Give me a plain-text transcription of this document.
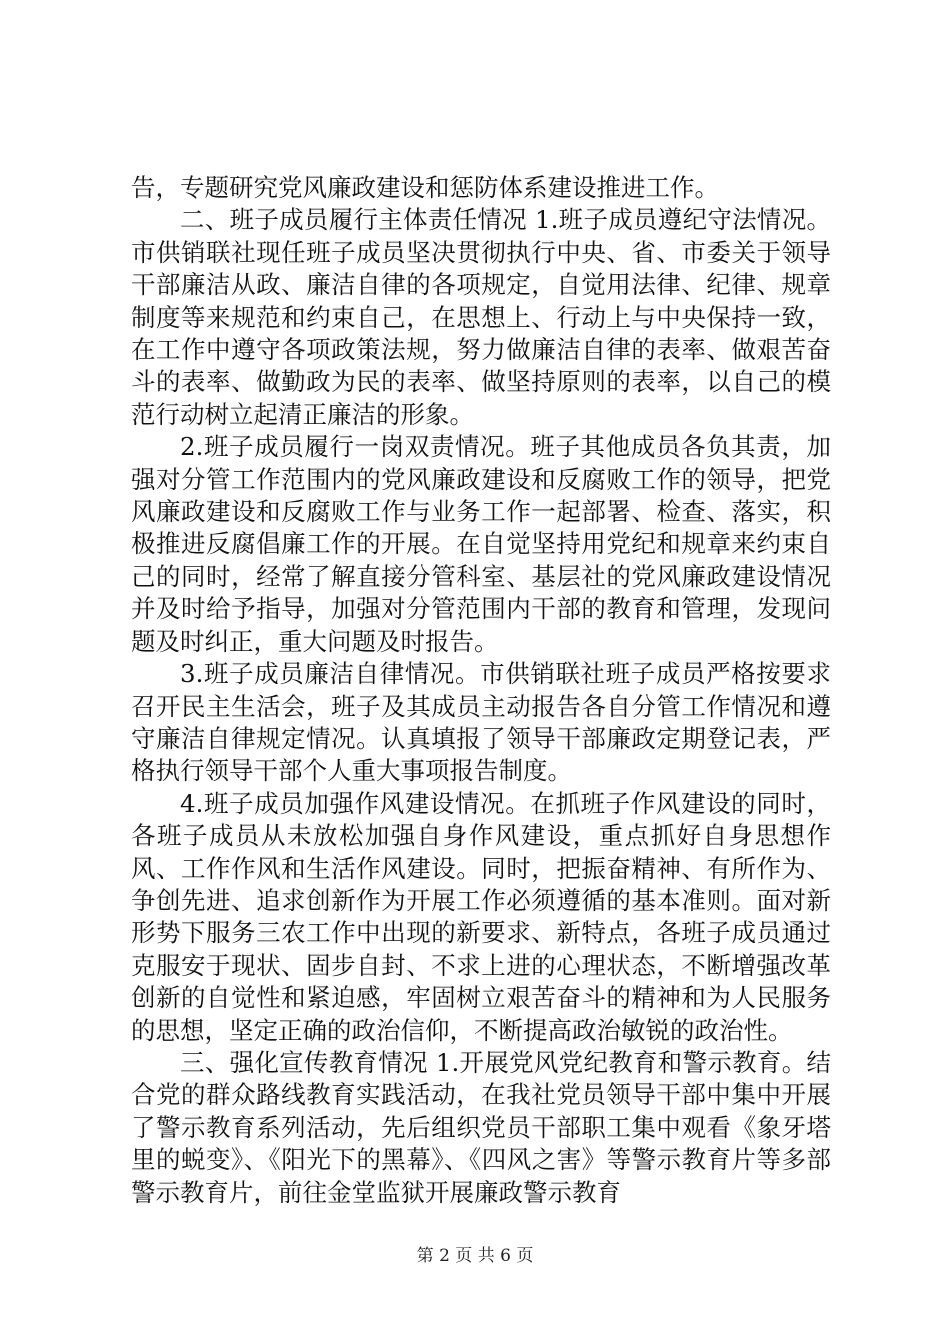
告，专题研究党风廉政建设和惩防体系建设推进工作。

二、班子成员履行主体责任情况 1.班子成员遵纪守法情况。市供销联社现任班子成员坚决贯彻执行中央、省、市委关于领导干部廉洁从政、廉洁自律的各项规定，自觉用法律、纪律、规章制度等来规范和约束自己，在思想上、行动上与中央保持一致，在工作中遵守各项政策法规，努力做廉洁自律的表率、做艰苦奋斗的表率、做勤政为民的表率、做坚持原则的表率，以自己的模范行动树立起清正廉洁的形象。

2.班子成员履行一岗双责情况。班子其他成员各负其责，加强对分管工作范围内的党风廉政建设和反腐败工作的领导，把党风廉政建设和反腐败工作与业务工作一起部署、检查、落实，积极推进反腐倡廉工作的开展。在自觉坚持用党纪和规章来约束自己的同时，经常了解直接分管科室、基层社的党风廉政建设情况并及时给予指导，加强对分管范围内干部的教育和管理，发现问题及时纠正，重大问题及时报告。

3.班子成员廉洁自律情况。市供销联社班子成员严格按要求召开民主生活会，班子及其成员主动报告各自分管工作情况和遵守廉洁自律规定情况。认真填报了领导干部廉政定期登记表，严格执行领导干部个人重大事项报告制度。

4.班子成员加强作风建设情况。在抓班子作风建设的同时，各班子成员从未放松加强自身作风建设，重点抓好自身思想作风、工作作风和生活作风建设。同时，把振奋精神、有所作为、争创先进、追求创新作为开展工作必须遵循的基本准则。面对新形势下服务三农工作中出现的新要求、新特点，各班子成员通过克服安于现状、固步自封、不求上进的心理状态，不断增强改革创新的自觉性和紧迫感，牢固树立艰苦奋斗的精神和为人民服务的思想，坚定正确的政治信仰，不断提高政治敏锐的政治性。

三、强化宣传教育情况 1.开展党风党纪教育和警示教育。结合党的群众路线教育实践活动，在我社党员领导干部中集中开展了警示教育系列活动，先后组织党员干部职工集中观看《象牙塔里的蜕变》、《阳光下的黑幕》、《四风之害》等警示教育片等多部警示教育片，前往金堂监狱开展廉政警示教育

第 2 页 共 6 页
